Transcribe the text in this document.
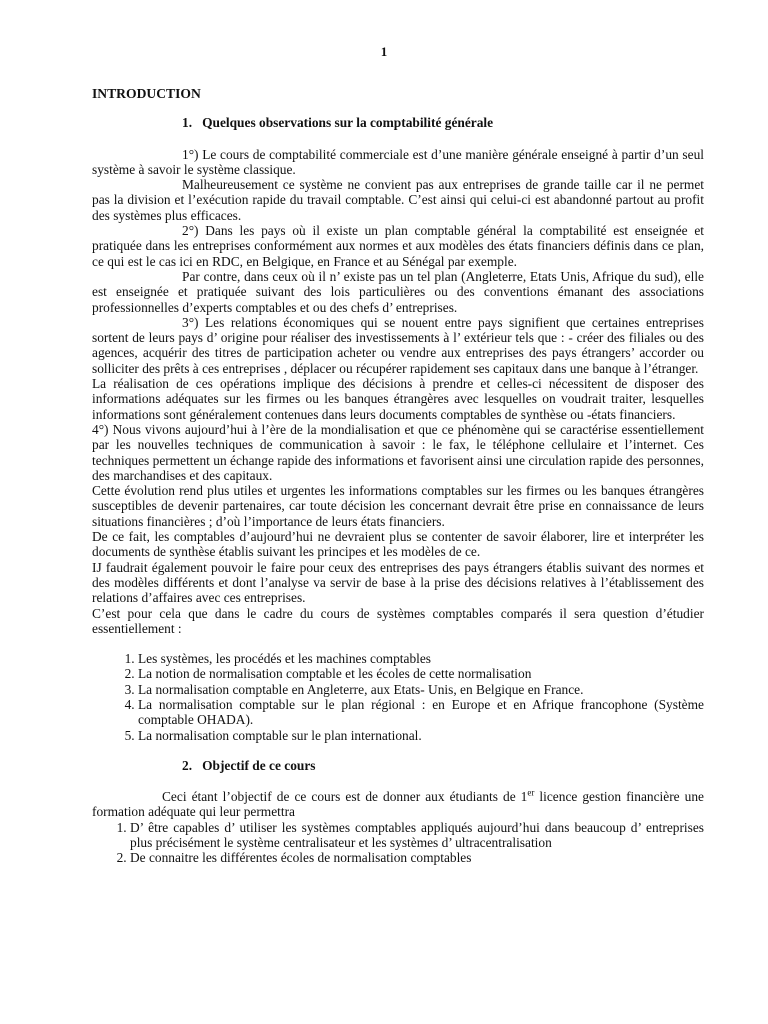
1
INTRODUCTION
1.   Quelques observations sur la comptabilité générale

1°) Le cours de comptabilité commerciale est d’une manière générale enseigné à partir d’un seul système à savoir le système classique.

Malheureusement ce système ne convient pas aux entreprises de grande taille car il ne permet pas la division et l’exécution rapide du travail comptable. C’est ainsi qui celui-ci est abandonné partout au profit des systèmes plus efficaces.

2°) Dans les pays où il existe un plan comptable général la comptabilité est enseignée et pratiquée dans les entreprises conformément aux normes et aux modèles des états financiers définis dans ce plan, ce qui est le cas ici en RDC, en Belgique, en France et au Sénégal par exemple.

Par contre, dans ceux où il n’ existe pas un tel plan (Angleterre, Etats Unis, Afrique du sud), elle est enseignée et pratiquée suivant des lois particulières ou des conventions émanant des associations professionnelles d’experts comptables et ou des chefs d’ entreprises.

3°) Les relations économiques qui se nouent entre pays signifient que certaines entreprises sortent de leurs pays d’ origine pour réaliser des investissements à l’ extérieur tels que : - créer des filiales ou des agences, acquérir des titres de participation acheter ou vendre aux entreprises des pays étrangers’ accorder ou solliciter des prêts à ces entreprises , déplacer ou récupérer rapidement ses capitaux dans une banque à l’étranger.

La réalisation de ces opérations implique des décisions à prendre et celles-ci nécessitent de disposer des informations adéquates sur les firmes ou les banques étrangères avec lesquelles on voudrait traiter, lesquelles informations sont généralement contenues dans leurs documents comptables de synthèse ou -états financiers.

4°) Nous vivons aujourd’hui à l’ère de la mondialisation et que ce phénomène qui se caractérise essentiellement par les nouvelles techniques de communication à savoir : le fax, le téléphone cellulaire et l’internet. Ces techniques permettent un échange rapide des informations et favorisent ainsi une circulation rapide des personnes, des marchandises et des capitaux.

Cette évolution rend plus utiles et urgentes les informations comptables sur les firmes ou les banques étrangères susceptibles de devenir partenaires, car toute décision les concernant devrait être prise en connaissance de leurs situations financières ; d’où l’importance de leurs états financiers.

De ce fait, les comptables d’aujourd’hui ne devraient plus se contenter de savoir élaborer, lire et interpréter les documents de synthèse établis suivant les principes et les modèles de ce.

IJ faudrait également pouvoir le faire pour ceux des entreprises des pays étrangers établis suivant des normes et des modèles différents et dont l’analyse va servir de base à la prise des décisions relatives à l’établissement des relations d’affaires avec ces entreprises.

C’est pour cela que dans le cadre du cours de systèmes comptables comparés il sera question d’étudier essentiellement :

1. Les systèmes, les procédés et les machines comptables
2. La notion de normalisation comptable et les écoles de cette normalisation
3. La normalisation comptable en Angleterre, aux Etats- Unis, en Belgique en France.
4. La normalisation comptable sur le plan régional : en Europe et en Afrique francophone (Système comptable OHADA).
5. La normalisation comptable sur le plan international.
2.   Objectif de ce cours

Ceci étant l’objectif de ce cours est de donner aux étudiants de 1er licence gestion financière une formation adéquate qui leur permettra

1. D’ être capables d’ utiliser les systèmes comptables appliqués aujourd’hui dans beaucoup d’ entreprises plus précisément le système centralisateur et les systèmes d’ ultracentralisation
2. De connaitre les différentes écoles de normalisation comptables
